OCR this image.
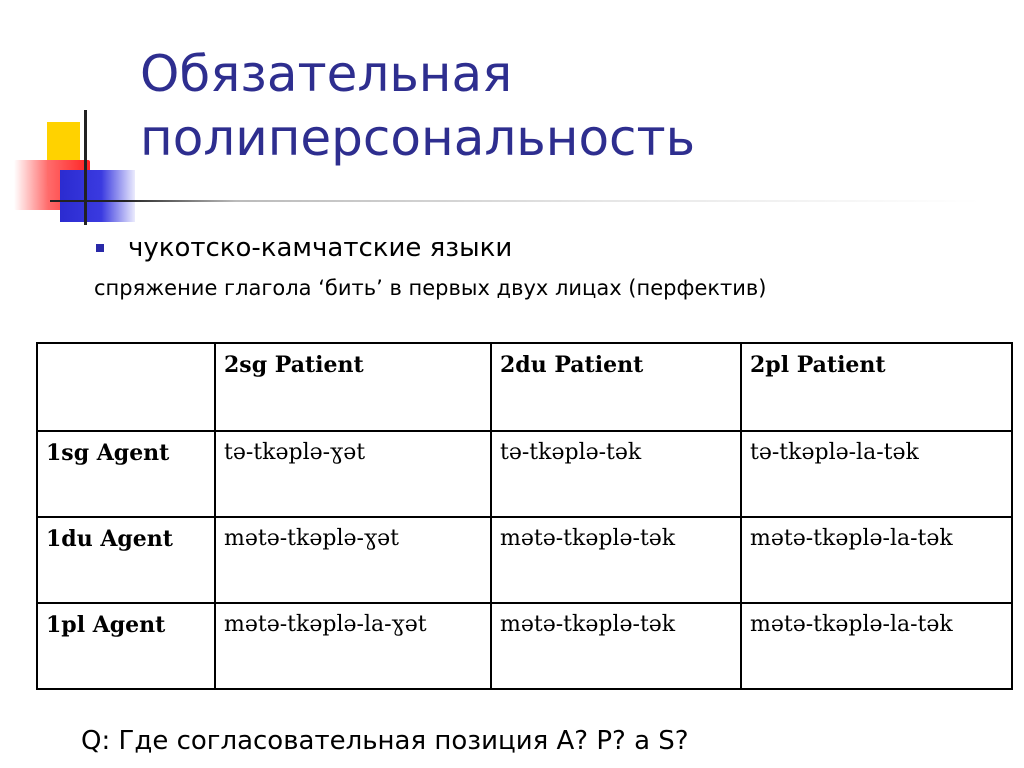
Обязательная
полиперсональность
чукотско-камчатские языки
спряжение глагола ‘бить’ в первых двух лицах (перфектив)
	2sg Patient	2du Patient	2pl Patient
1sg Agent	tə-tkəplə-ɣət	tə-tkəplə-tək	tə-tkəplə-la-tək
1du Agent	mətə-tkəplə-ɣət	mətə-tkəplə-tək	mətə-tkəplə-la-tək
1pl Agent	mətə-tkəplə-la-ɣət	mətə-tkəplə-tək	mətə-tkəplə-la-tək
Q: Где согласовательная позиция A? P? а S?
